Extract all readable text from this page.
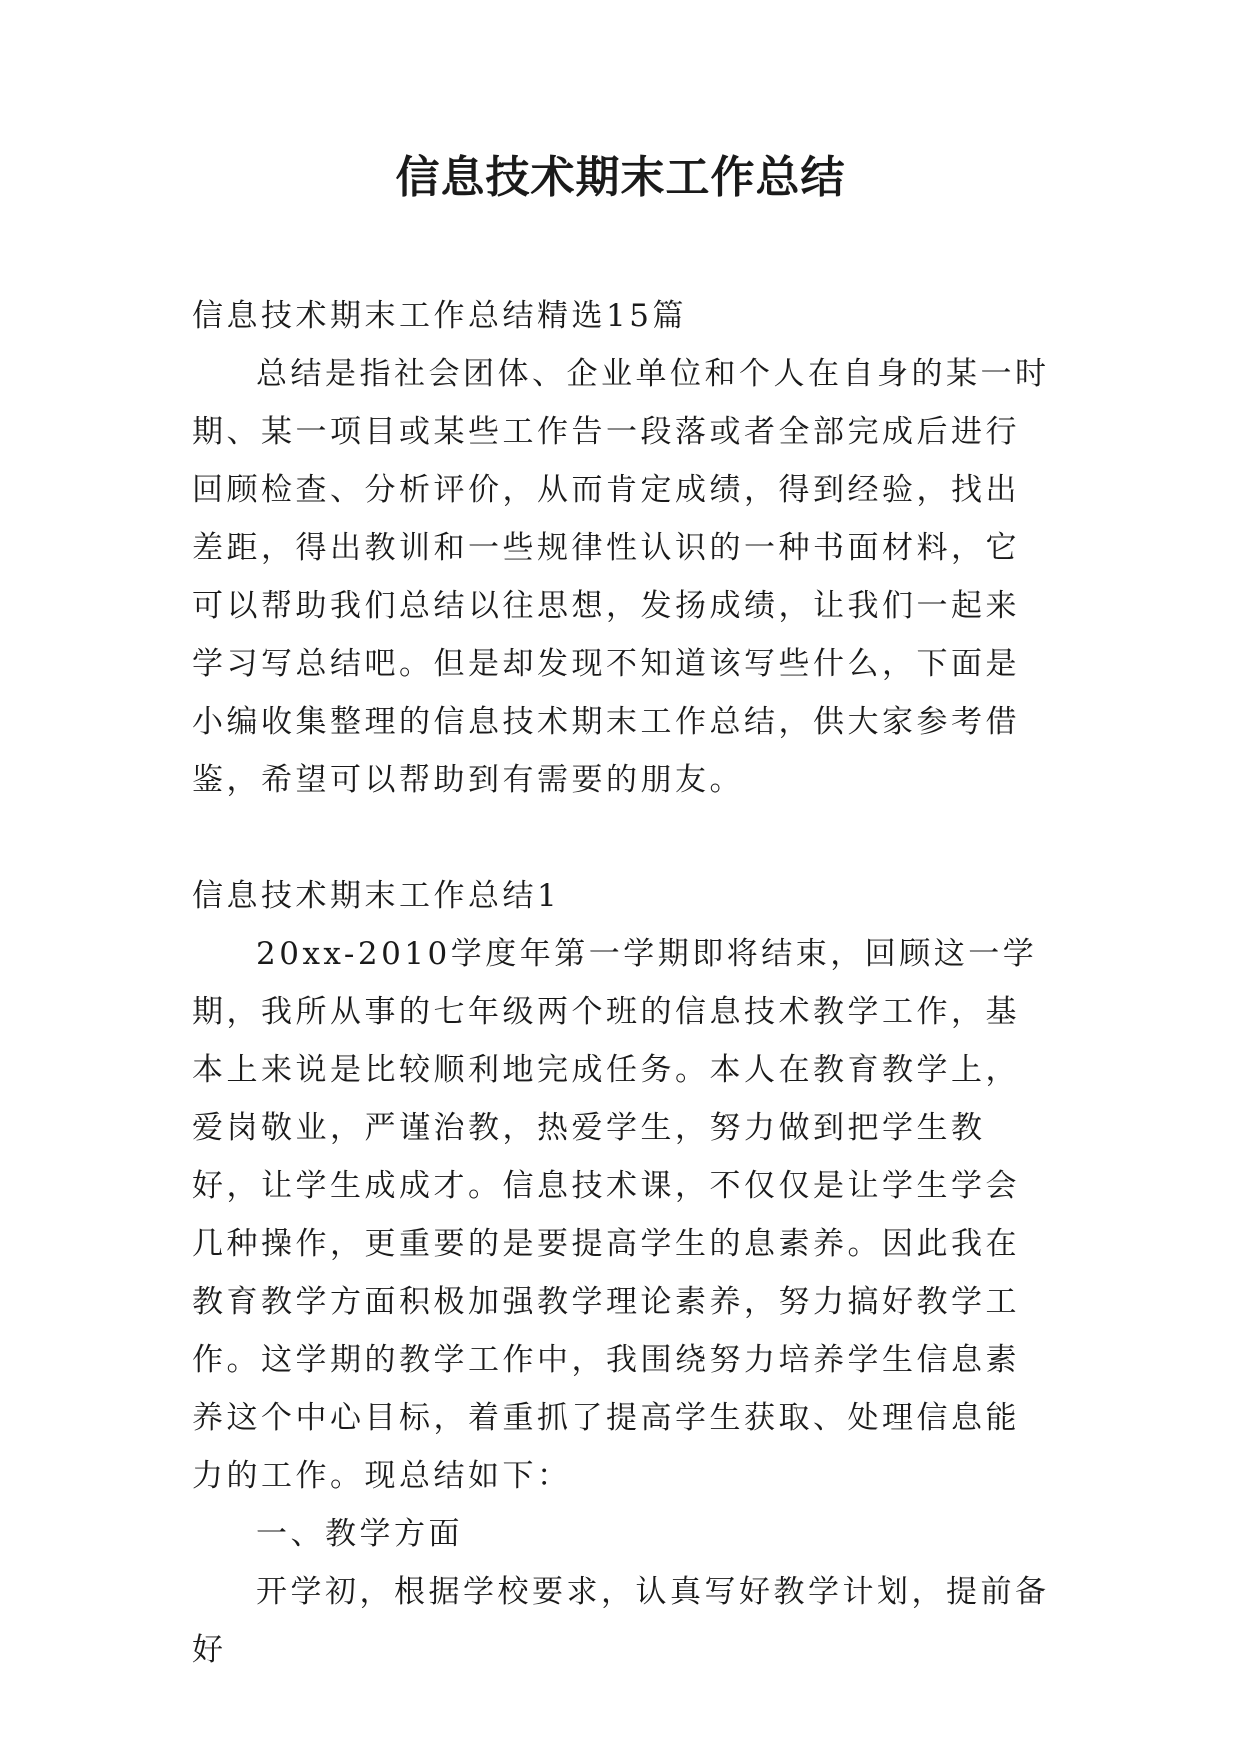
信息技术期末工作总结

信息技术期末工作总结精选15篇

总结是指社会团体、企业单位和个人在自身的某一时期、某一项目或某些工作告一段落或者全部完成后进行回顾检查、分析评价，从而肯定成绩，得到经验，找出差距，得出教训和一些规律性认识的一种书面材料，它可以帮助我们总结以往思想，发扬成绩，让我们一起来学习写总结吧。但是却发现不知道该写些什么，下面是小编收集整理的信息技术期末工作总结，供大家参考借鉴，希望可以帮助到有需要的朋友。

信息技术期末工作总结1

20xx-2010学度年第一学期即将结束，回顾这一学期，我所从事的七年级两个班的信息技术教学工作，基本上来说是比较顺利地完成任务。本人在教育教学上，爱岗敬业，严谨治教，热爱学生，努力做到把学生教好，让学生成成才。信息技术课，不仅仅是让学生学会几种操作，更重要的是要提高学生的息素养。因此我在教育教学方面积极加强教学理论素养，努力搞好教学工作。这学期的教学工作中，我围绕努力培养学生信息素养这个中心目标，着重抓了提高学生获取、处理信息能力的工作。现总结如下：

一、教学方面

开学初，根据学校要求，认真写好教学计划，提前备好
